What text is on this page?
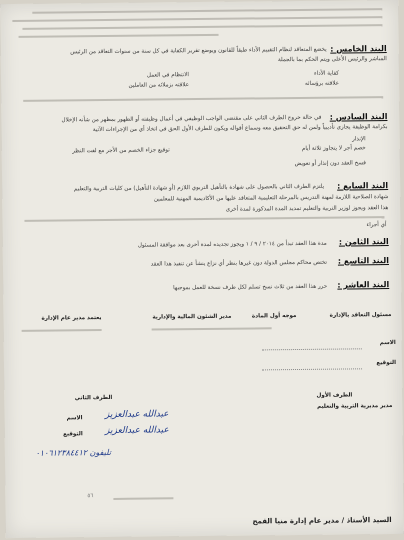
البند الخامس :
يخضع المتعاقد لنظام التقييم الأداء طبقاً للقانون ويوضع تقرير الكفاية في كل سنة من سنوات التعاقد من الرئيس
المباشر والرئيس الأعلى ويتم الحكم بما بالجملة
الانتظام في العمل	كفاية الأداء
علاقته بزملائه من العاملين	علاقته برؤسائه
البند السادس :
في حالة خروج الطرف الثاني على مقتضى الواجب الوظيفي في أعمال وظيفته أو الظهور بمظهر من شأنه الإخلال
بكرامة الوظيفة يجازى تأديبياً ولمن له حق التحقيق معه وسماع أقواله ويكون للطرف الأول الحق في اتخاذ أي من الإجراءات الآتية
الإنذار
خصم أجر لا يتجاوز ثلاثة أيام
توقيع جزاء الخصم من الأجر مع لفت النظر
فسخ العقد دون إنذار أو تعويض
البند السابع :
يلتزم الطرف الثاني بالحصول على شهادة بالتأهيل التربوي اللازم (أو شهادة التأهيل) من كليات التربية والتعليم
شهادة الصلاحية اللازمة لمهنة التدريس بالمرحلة التعليمية المتعاقد عليها من الأكاديمية المهنية للمعلمين
هذا العقد ويجوز لوزير التربية والتعليم تمديد المدة المذكورة لمدة أخرى
أي أجراء
البند الثامن :
مدة هذا العقد تبدأ من ٢٠١٤ / ٩ / ١ ويجوز تجديده لمدة أخرى بعد موافقة المسئول
البند التاسع :
تختص محاكم مجلس الدولة دون غيرها بنظر أي نزاع ينشأ عن تنفيذ هذا العقد
البند العاشر :
حرر هذا العقد من ثلاث نسخ تسلم لكل طرف نسخة للعمل بموجبها
مسئول التعاقد بالإدارة
موجه أول المادة
مدير الشئون المالية والإدارية
يعتمد مدير عام الإدارة
الاسم
التوقيع
الطرف الأول
مدير مديرية التربية والتعليم
الطرف الثاني
الاسم عبدالله عبدالعزيز
التوقيع عبدالله عبدالعزيز
تليفون ٠١٠٦١٢٣٨٤٤١٢
٥٦
السيد الأستاذ / مدير عام إدارة منيا القمح
